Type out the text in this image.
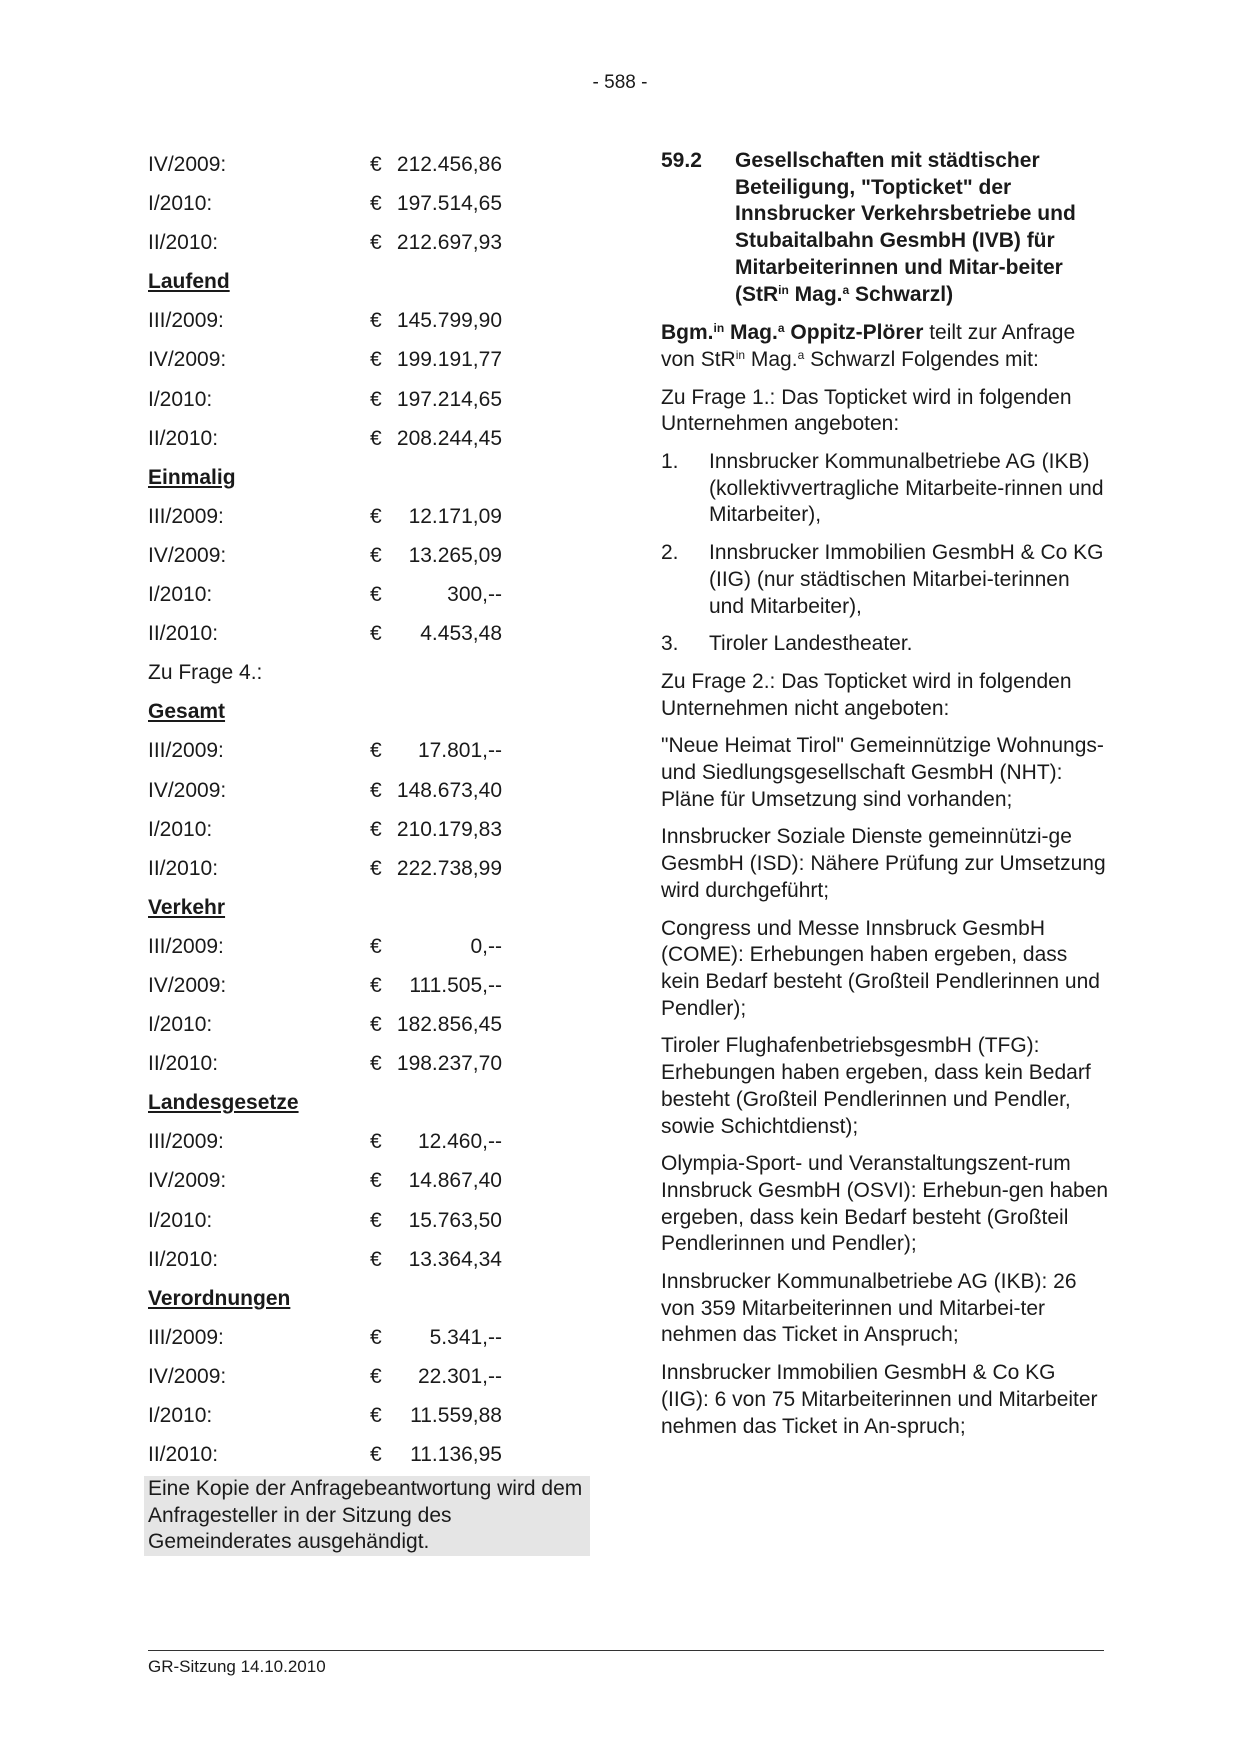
- 588 -
IV/2009:	€ 212.456,86
I/2010:	€ 197.514,65
II/2010:	€ 212.697,93
Laufend
III/2009:	€ 145.799,90
IV/2009:	€ 199.191,77
I/2010:	€ 197.214,65
II/2010:	€ 208.244,45
Einmalig
III/2009:	€ 12.171,09
IV/2009:	€ 13.265,09
I/2010:	€	300,--
II/2010:	€ 4.453,48
Zu Frage 4.:
Gesamt
III/2009:	€ 17.801,--
IV/2009:	€ 148.673,40
I/2010:	€ 210.179,83
II/2010:	€ 222.738,99
Verkehr
III/2009:	€	0,--
IV/2009:	€ 111.505,--
I/2010:	€ 182.856,45
II/2010:	€ 198.237,70
Landesgesetze
III/2009:	€ 12.460,--
IV/2009:	€ 14.867,40
I/2010:	€ 15.763,50
II/2010:	€ 13.364,34
Verordnungen
III/2009:	€ 5.341,--
IV/2009:	€ 22.301,--
I/2010:	€ 11.559,88
II/2010:	€ 11.136,95
Eine Kopie der Anfragebeantwortung wird dem Anfragesteller in der Sitzung des Gemeinderates ausgehändigt.
59.2	Gesellschaften mit städtischer Beteiligung, "Topticket" der Innsbrucker Verkehrsbetriebe und Stubaitalbahn GesmbH (IVB) für Mitarbeiterinnen und Mitar-beiter (StR$^{in}$ Mag.$^a$ Schwarzl)

Bgm.$^{in}$ Mag.$^a$ Oppitz-Plörer teilt zur Anfrage von StR$^{in}$ Mag.$^a$ Schwarzl Folgendes mit:

Zu Frage 1.: Das Topticket wird in folgenden Unternehmen angeboten:

1.	Innsbrucker Kommunalbetriebe AG (IKB) (kollektivvertragliche Mitarbeite-rinnen und Mitarbeiter),
2.	Innsbrucker Immobilien GesmbH & Co KG (IIG) (nur städtischen Mitarbei-terinnen und Mitarbeiter),
3.	Tiroler Landestheater.

Zu Frage 2.: Das Topticket wird in folgenden Unternehmen nicht angeboten:

"Neue Heimat Tirol" Gemeinnützige Wohnungs- und Siedlungsgesellschaft GesmbH (NHT): Pläne für Umsetzung sind vorhanden;

Innsbrucker Soziale Dienste gemeinnützi-ge GesmbH (ISD): Nähere Prüfung zur Umsetzung wird durchgeführt;

Congress und Messe Innsbruck GesmbH (COME): Erhebungen haben ergeben, dass kein Bedarf besteht (Großteil Pendlerinnen und Pendler);

Tiroler FlughafenbetriebsgesmbH (TFG): Erhebungen haben ergeben, dass kein Bedarf besteht (Großteil Pendlerinnen und Pendler, sowie Schichtdienst);

Olympia-Sport- und Veranstaltungszent-rum Innsbruck GesmbH (OSVI): Erhebun-gen haben ergeben, dass kein Bedarf besteht (Großteil Pendlerinnen und Pendler);

Innsbrucker Kommunalbetriebe AG (IKB): 26 von 359 Mitarbeiterinnen und Mitarbei-ter nehmen das Ticket in Anspruch;

Innsbrucker Immobilien GesmbH & Co KG (IIG): 6 von 75 Mitarbeiterinnen und Mitarbeiter nehmen das Ticket in An-spruch;

GR-Sitzung 14.10.2010
